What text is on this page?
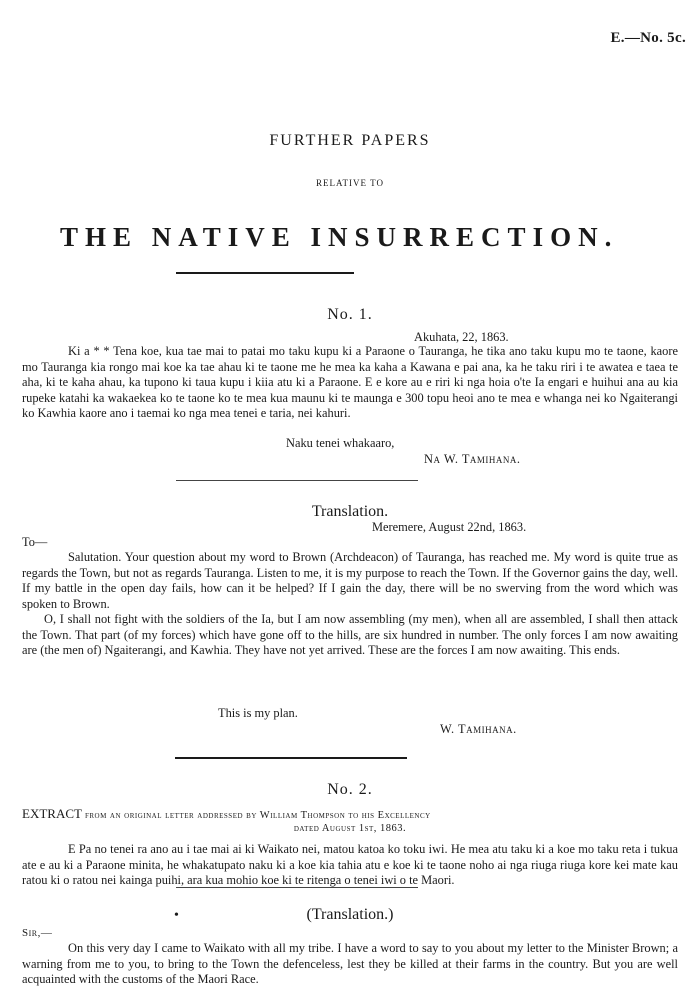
E.—No. 5c.
FURTHER PAPERS
RELATIVE TO
THE NATIVE INSURRECTION.
No. 1.
Akuhata, 22, 1863.

Ki a * * Tena koe, kua tae mai to patai mo taku kupu ki a Paraone o Tauranga, he tika ano taku kupu mo te taone, kaore mo Tauranga kia rongo mai koe ka tae ahau ki te taone me he mea ka kaha a Kawana e pai ana, ka he taku riri i te awatea e taea te aha, ki te kaha ahau, ka tupono ki taua kupu i kiia atu ki a Paraone. E e kore au e riri ki nga hoia o'te Ia engari e huihui ana au kia rupeke katahi ka wakaekea ko te taone ko te mea kua maunu ki te maunga e 300 topu heoi ano te mea e whanga nei ko Ngaiterangi ko Kawhia kaore ano i taemai ko nga mea tenei e taria, nei kahuri.

Naku tenei whakaaro,
Na W. Tamihana.
Translation.
Meremere, August 22nd, 1863.
To—

Salutation. Your question about my word to Brown (Archdeacon) of Tauranga, has reached me. My word is quite true as regards the Town, but not as regards Tauranga. Listen to me, it is my purpose to reach the Town. If the Governor gains the day, well. If my battle in the open day fails, how can it be helped? If I gain the day, there will be no swerving from the word which was spoken to Brown.

O, I shall not fight with the soldiers of the Ia, but I am now assembling (my men), when all are assembled, I shall then attack the Town. That part (of my forces) which have gone off to the hills, are six hundred in number. The only forces I am now awaiting are (the men of) Ngaiterangi, and Kawhia. They have not yet arrived. These are the forces I am now awaiting. This ends.

This is my plan.
W. Tamihana.
No. 2.
EXTRACT from an original letter addressed by William Thompson to his Excellency
dated August 1st, 1863.

E Pa no tenei ra ano au i tae mai ai ki Waikato nei, matou katoa ko toku iwi. He mea atu taku ki a koe mo taku reta i tukua ate e au ki a Paraone minita, he whakatupato naku ki a koe kia tahia atu e koe ki te taone noho ai nga riuga riuga kore kei mate kau ratou ki o ratou nei kainga puihi, ara kua mohio koe ki te ritenga o tenei iwi o te Maori.

•	(Translation.)
Sir,—

On this very day I came to Waikato with all my tribe. I have a word to say to you about my letter to the Minister Brown; a warning from me to you, to bring to the Town the defenceless, lest they be killed at their farms in the country. But you are well acquainted with the customs of the Maori Race.
